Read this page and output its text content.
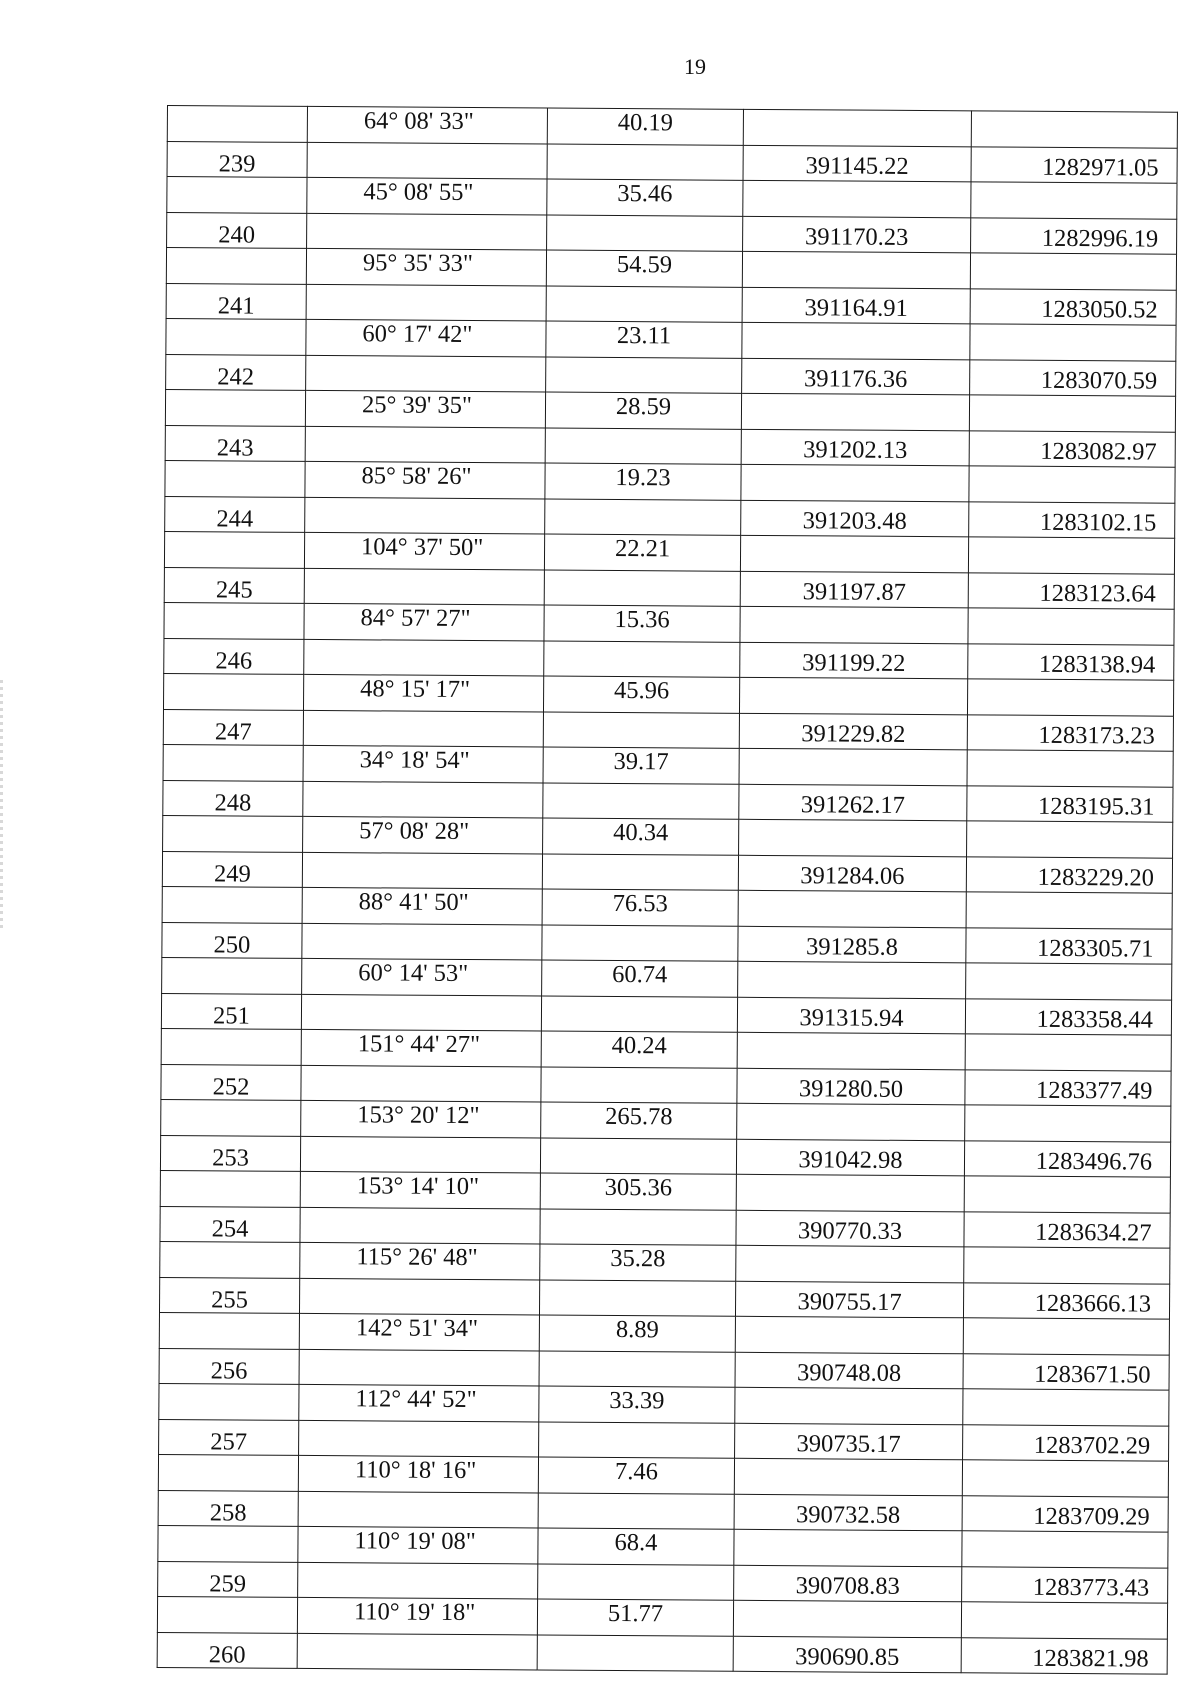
19
	64° 08' 33"	40.19		
239			391145.22	1282971.05
	45° 08' 55"	35.46		
240			391170.23	1282996.19
	95° 35' 33"	54.59		
241			391164.91	1283050.52
	60° 17' 42"	23.11		
242			391176.36	1283070.59
	25° 39' 35"	28.59		
243			391202.13	1283082.97
	85° 58' 26"	19.23		
244			391203.48	1283102.15
	104° 37' 50"	22.21		
245			391197.87	1283123.64
	84° 57' 27"	15.36		
246			391199.22	1283138.94
	48° 15' 17"	45.96		
247			391229.82	1283173.23
	34° 18' 54"	39.17		
248			391262.17	1283195.31
	57° 08' 28"	40.34		
249			391284.06	1283229.20
	88° 41' 50"	76.53		
250			391285.8	1283305.71
	60° 14' 53"	60.74		
251			391315.94	1283358.44
	151° 44' 27"	40.24		
252			391280.50	1283377.49
	153° 20' 12"	265.78		
253			391042.98	1283496.76
	153° 14' 10"	305.36		
254			390770.33	1283634.27
	115° 26' 48"	35.28		
255			390755.17	1283666.13
	142° 51' 34"	8.89		
256			390748.08	1283671.50
	112° 44' 52"	33.39		
257			390735.17	1283702.29
	110° 18' 16"	7.46		
258			390732.58	1283709.29
	110° 19' 08"	68.4		
259			390708.83	1283773.43
	110° 19' 18"	51.77		
260			390690.85	1283821.98
